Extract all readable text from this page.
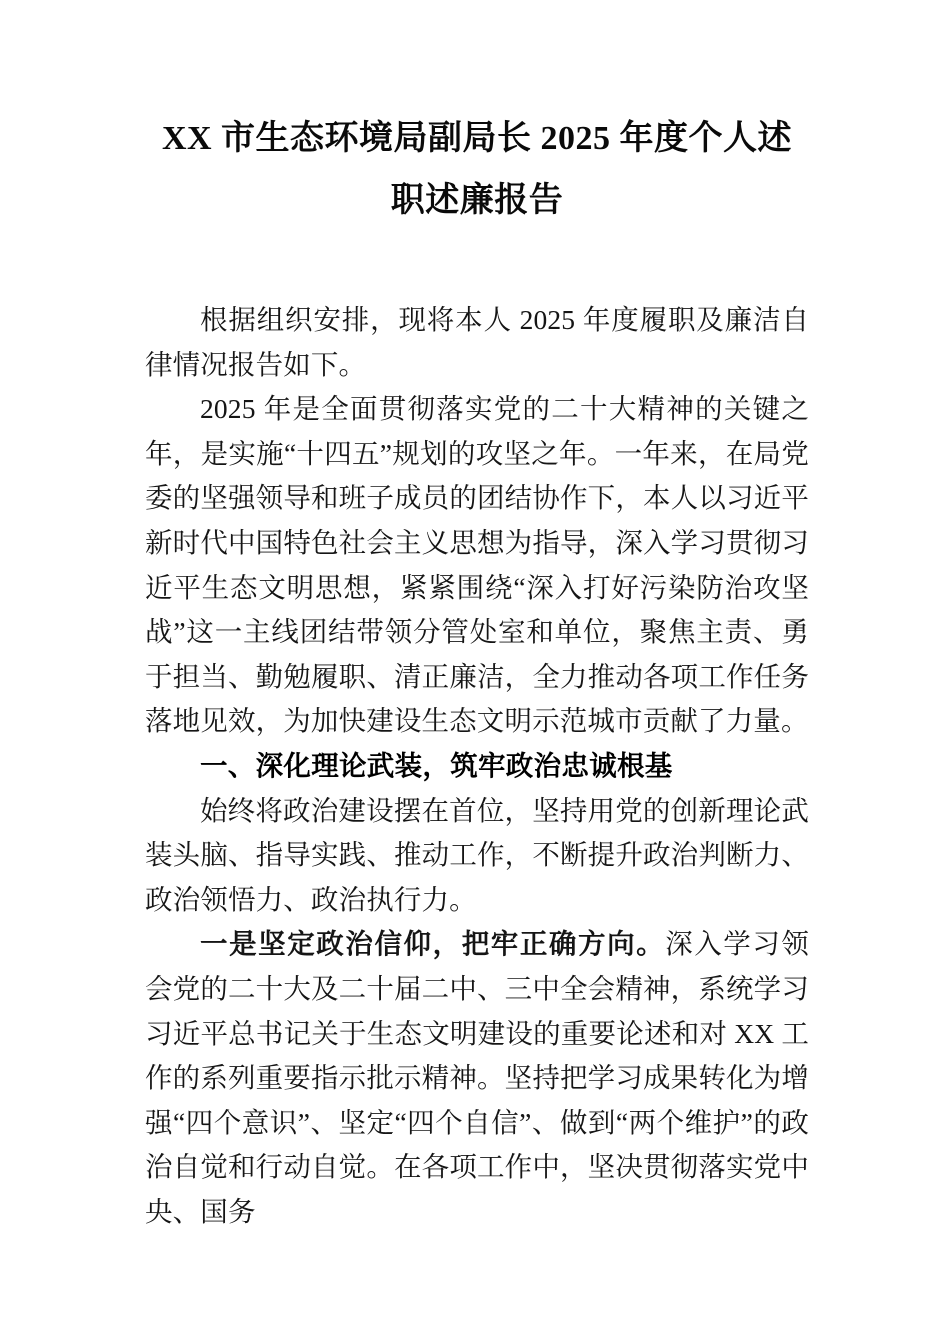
XX 市生态环境局副局长 2025 年度个人述
职述廉报告

根据组织安排，现将本人 2025 年度履职及廉洁自律情况报告如下。

2025 年是全面贯彻落实党的二十大精神的关键之年，是实施“十四五”规划的攻坚之年。一年来，在局党委的坚强领导和班子成员的团结协作下，本人以习近平新时代中国特色社会主义思想为指导，深入学习贯彻习近平生态文明思想，紧紧围绕“深入打好污染防治攻坚战”这一主线团结带领分管处室和单位，聚焦主责、勇于担当、勤勉履职、清正廉洁，全力推动各项工作任务落地见效，为加快建设生态文明示范城市贡献了力量。

一、深化理论武装，筑牢政治忠诚根基

始终将政治建设摆在首位，坚持用党的创新理论武装头脑、指导实践、推动工作，不断提升政治判断力、政治领悟力、政治执行力。

一是坚定政治信仰，把牢正确方向。深入学习领会党的二十大及二十届二中、三中全会精神，系统学习习近平总书记关于生态文明建设的重要论述和对 XX 工作的系列重要指示批示精神。坚持把学习成果转化为增强“四个意识”、坚定“四个自信”、做到“两个维护”的政治自觉和行动自觉。在各项工作中，坚决贯彻落实党中央、国务
